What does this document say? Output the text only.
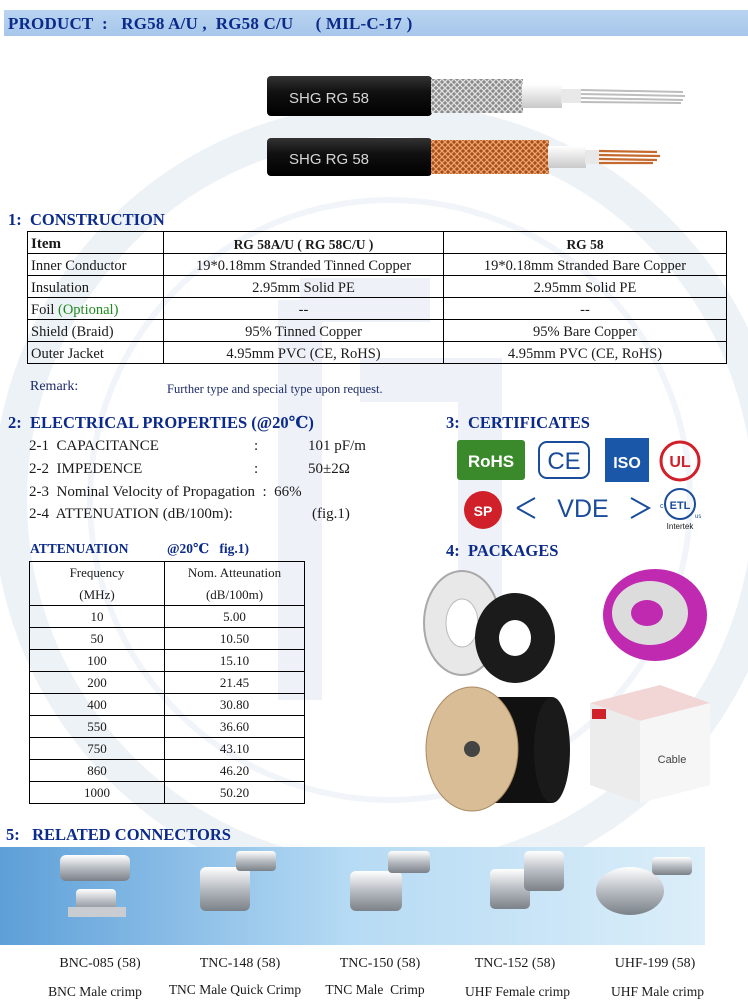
PRODUCT  :   RG58 A/U ,  RG58 C/U     ( MIL-C-17 )
SHG RG 58
SHG RG 58
1:  CONSTRUCTION
Item	RG 58A/U ( RG 58C/U )	RG 58
Inner Conductor	19*0.18mm Stranded Tinned Copper	19*0.18mm Stranded Bare Copper
Insulation	2.95mm Solid PE	2.95mm Solid PE
Foil (Optional)	--	--
Shield (Braid)	95% Tinned Copper	95% Bare Copper
Outer Jacket	4.95mm PVC (CE, RoHS)	4.95mm PVC (CE, RoHS)
Remark:	Further type and special type upon request.
2:  ELECTRICAL PROPERTIES (@20℃)
2-1  CAPACITANCE	:	101 pF/m
2-2  IMPEDENCE	:	50±2Ω
2-3  Nominal Velocity of Propagation  :  66%
2-4  ATTENUATION (dB/100m):	(fig.1)
3:  CERTIFICATES
RoHS CE ISO UL
SP	VDE	ETL
c
us
Intertek
ATTENUATION	@20℃   fig.1)
Frequency	Nom. Atteunation
(MHz)	(dB/100m)
10	5.00
50	10.50
100	15.10
200	21.45
400	30.80
550	36.60
750	43.10
860	46.20
1000	50.20
4:  PACKAGES
Cable
5:   RELATED CONNECTORS
BNC-085 (58)	TNC-148 (58)	TNC-150 (58)	TNC-152 (58)	UHF-199 (58)
BNC Male crimp	TNC Male Quick Crimp	TNC Male  Crimp	UHF Female crimp	UHF Male crimp
